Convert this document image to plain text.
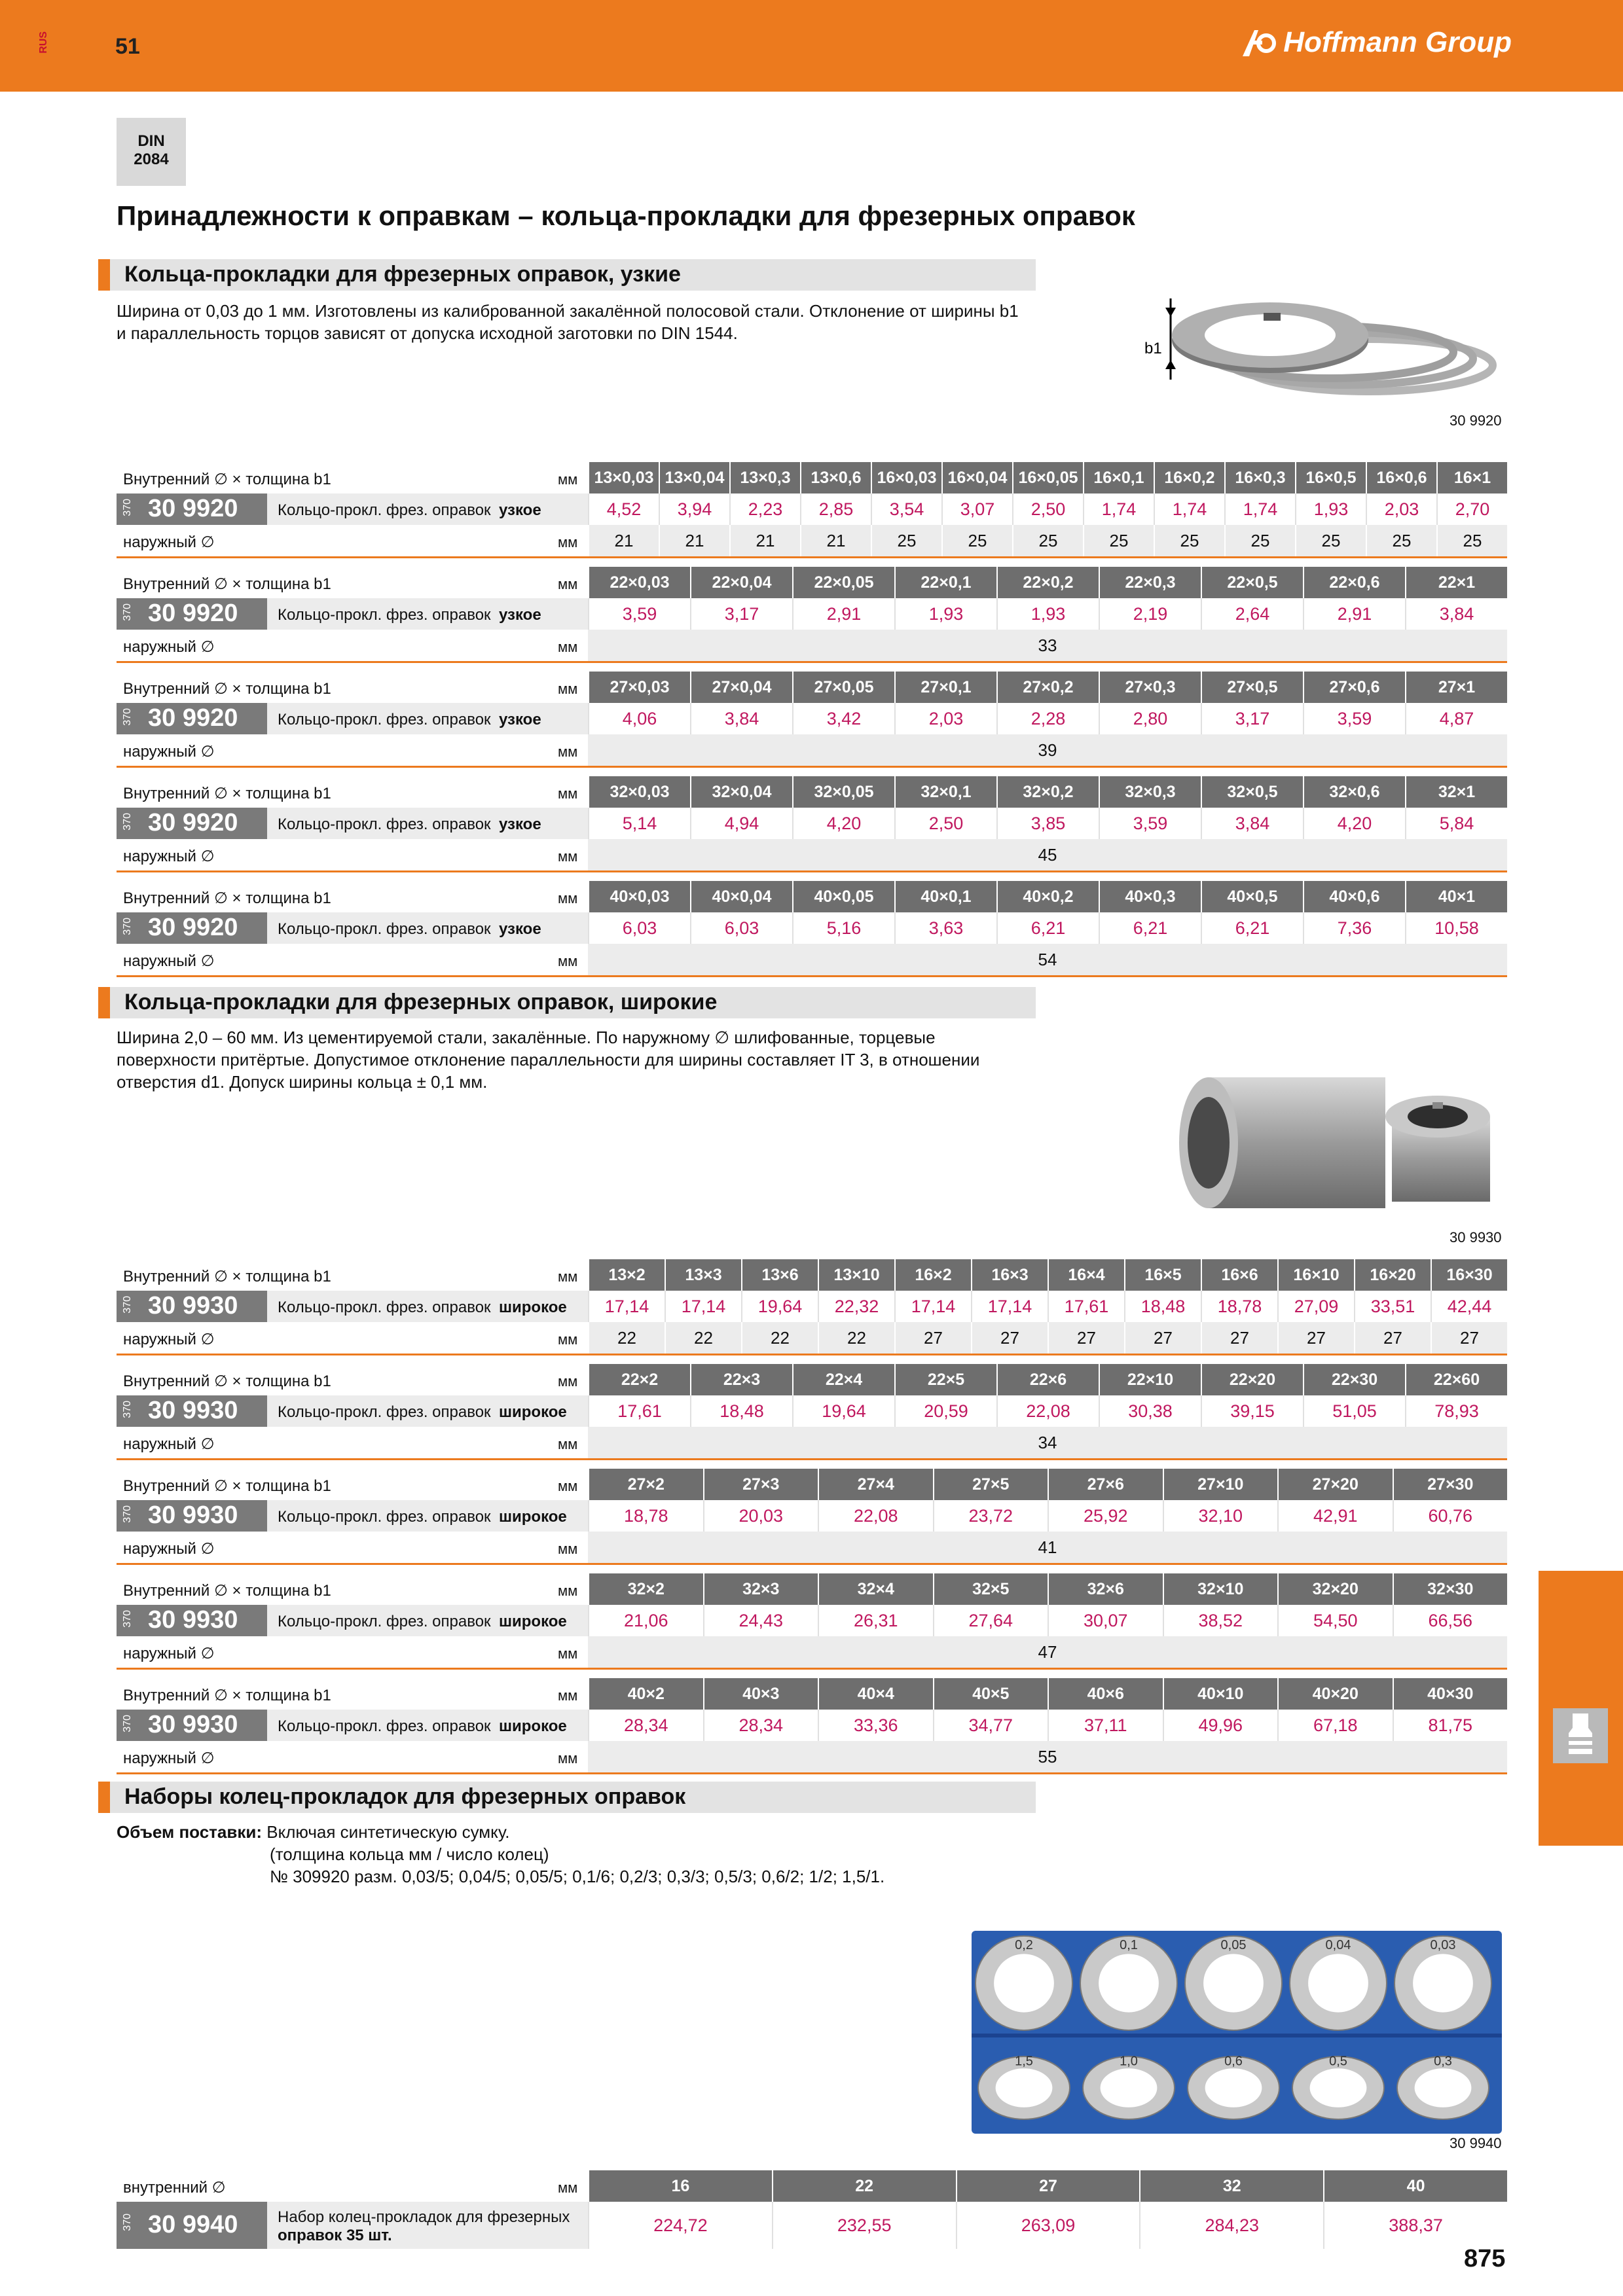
RUS	51	Hoffmann Group
DIN
2084
Принадлежности к оправкам – кольца-прокладки для фрезерных оправок
Кольца-прокладки для фрезерных оправок, узкие
Ширина от 0,03 до 1 мм. Изготовлены из калиброванной закалённой полосовой стали. Отклонение от ширины b1 и параллельность торцов зависят от допуска исходной заготовки по DIN 1544.
b1
30 9920
Внутренний ∅ × толщина b1	мм	13×0,03 13×0,04 13×0,3	13×0,6 16×0,03 16×0,04 16×0,05 16×0,1	16×0,2	16×0,3	16×0,5	16×0,6	16×1
370 30 9920	Кольцо-прокл. фрез. оправок узкое	4,52	3,94	2,23	2,85	3,54	3,07	2,50	1,74	1,74	1,74	1,93	2,03	2,70
наружный ∅	мм	21	21	21	21	25	25	25	25	25	25	25	25	25
Внутренний ∅ × толщина b1	мм	22×0,03	22×0,04	22×0,05	22×0,1	22×0,2	22×0,3	22×0,5	22×0,6	22×1
370 30 9920	Кольцо-прокл. фрез. оправок узкое	3,59	3,17	2,91	1,93	1,93	2,19	2,64	2,91	3,84
наружный ∅	мм	33
Внутренний ∅ × толщина b1	мм	27×0,03	27×0,04	27×0,05	27×0,1	27×0,2	27×0,3	27×0,5	27×0,6	27×1
370 30 9920	Кольцо-прокл. фрез. оправок узкое	4,06	3,84	3,42	2,03	2,28	2,80	3,17	3,59	4,87
наружный ∅	мм	39
Внутренний ∅ × толщина b1	мм	32×0,03	32×0,04	32×0,05	32×0,1	32×0,2	32×0,3	32×0,5	32×0,6	32×1
370 30 9920	Кольцо-прокл. фрез. оправок узкое	5,14	4,94	4,20	2,50	3,85	3,59	3,84	4,20	5,84
наружный ∅	мм	45
Внутренний ∅ × толщина b1	мм	40×0,03	40×0,04	40×0,05	40×0,1	40×0,2	40×0,3	40×0,5	40×0,6	40×1
370 30 9920	Кольцо-прокл. фрез. оправок узкое	6,03	6,03	5,16	3,63	6,21	6,21	6,21	7,36	10,58
наружный ∅	мм	54
Кольца-прокладки для фрезерных оправок, широкие
Ширина 2,0 – 60 мм. Из цементируемой стали, закалённые. По наружному ∅ шлифованные, торцевые поверхности притёртые. Допустимое отклонение параллельности для ширины составляет IT 3, в отношении отверстия d1. Допуск ширины кольца ± 0,1 мм.
30 9930
Внутренний ∅ × толщина b1	мм	13×2	13×3	13×6	13×10	16×2	16×3	16×4	16×5	16×6	16×10	16×20	16×30
370 30 9930	Кольцо-прокл. фрез. оправок широкое	17,14	17,14	19,64	22,32	17,14	17,14	17,61	18,48	18,78	27,09	33,51	42,44
наружный ∅	мм	22	22	22	22	27	27	27	27	27	27	27	27
Внутренний ∅ × толщина b1	мм	22×2	22×3	22×4	22×5	22×6	22×10	22×20	22×30	22×60
370 30 9930	Кольцо-прокл. фрез. оправок широкое	17,61	18,48	19,64	20,59	22,08	30,38	39,15	51,05	78,93
наружный ∅	мм	34
Внутренний ∅ × толщина b1	мм	27×2	27×3	27×4	27×5	27×6	27×10	27×20	27×30
370 30 9930	Кольцо-прокл. фрез. оправок широкое	18,78	20,03	22,08	23,72	25,92	32,10	42,91	60,76
наружный ∅	мм	41
Внутренний ∅ × толщина b1	мм	32×2	32×3	32×4	32×5	32×6	32×10	32×20	32×30
370 30 9930	Кольцо-прокл. фрез. оправок широкое	21,06	24,43	26,31	27,64	30,07	38,52	54,50	66,56
наружный ∅	мм	47
Внутренний ∅ × толщина b1	мм	40×2	40×3	40×4	40×5	40×6	40×10	40×20	40×30
370 30 9930	Кольцо-прокл. фрез. оправок широкое	28,34	28,34	33,36	34,77	37,11	49,96	67,18	81,75
наружный ∅	мм	55
Наборы колец-прокладок для фрезерных оправок
Объем поставки: Включая синтетическую сумку.
(толщина кольца мм / число колец)
№ 309920 разм. 0,03/5; 0,04/5; 0,05/5; 0,1/6; 0,2/3; 0,3/3; 0,5/3; 0,6/2; 1/2; 1,5/1.
0,2	0,1	0,05	0,04	0,03
1,5	1,0	0,6	0,5	0,3
30 9940
внутренний ∅	мм	16	22	27	32	40
370 30 9940	Набор колец-прокладок для фрезерных
оправок 35 шт.
224,72	232,55	263,09	284,23	388,37
875
